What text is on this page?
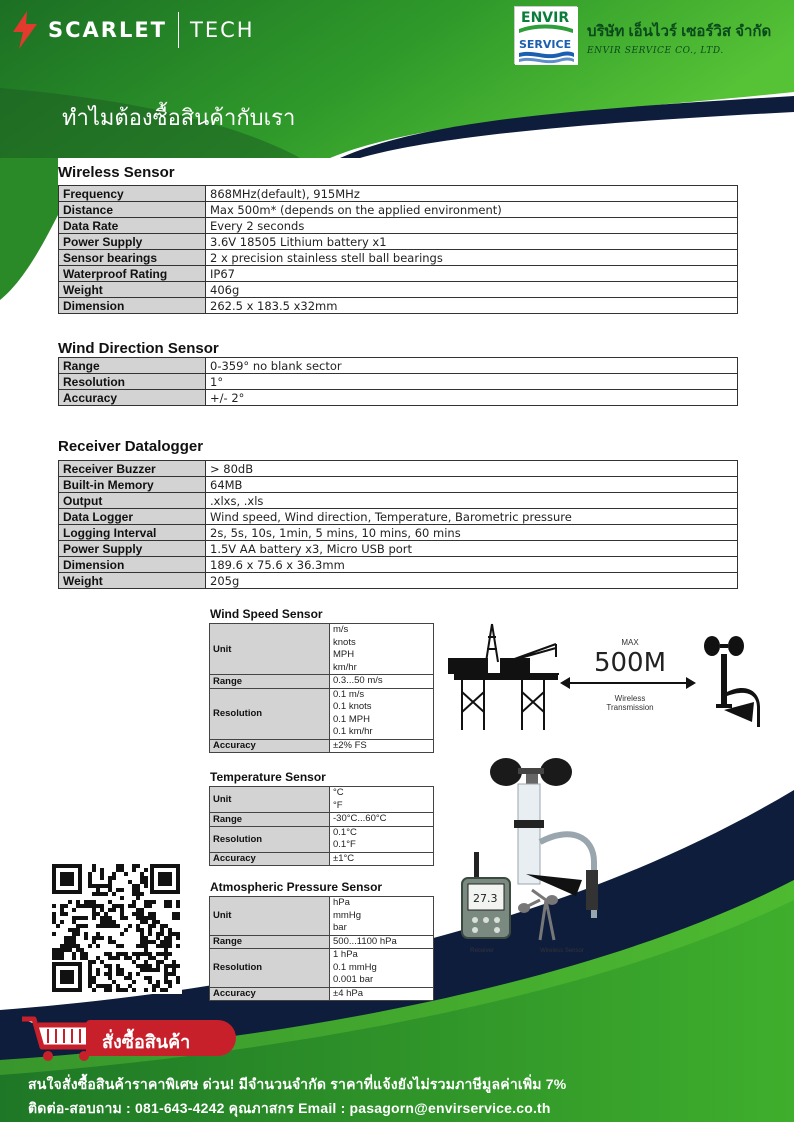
SCARLET TECH	ENVIR
SERVICE
บริษัท เอ็นไวร์ เซอร์วิส จำกัด
ENVIR SERVICE CO., LTD.
ทำไมต้องซื้อสินค้ากับเรา
Wireless Sensor
Frequency	868MHz(default), 915MHz
Distance	Max 500m* (depends on the applied environment)
Data Rate	Every 2 seconds
Power Supply	3.6V 18505 Lithium battery x1
Sensor bearings	2 x precision stainless stell ball bearings
Waterproof Rating	IP67
Weight	406g
Dimension	262.5 x 183.5 x32mm
Wind Direction Sensor
Range	0-359° no blank sector
Resolution	1°
Accuracy	+/- 2°
Receiver Datalogger
Receiver Buzzer	> 80dB
Built-in Memory	64MB
Output	.xlxs, .xls
Data Logger	Wind speed, Wind direction, Temperature, Barometric pressure
Logging Interval	2s, 5s, 10s, 1min, 5 mins, 10 mins, 60 mins
Power Supply	1.5V AA battery x3, Micro USB port
Dimension	189.6 x 75.6 x 36.3mm
Weight	205g
Wind Speed Sensor
Unit	m/s
knots
MPH
km/hr

Range	0.3...50 m/s
Resolution	0.1 m/s
0.1 knots
0.1 MPH
0.1 km/hr

Accuracy	±2% FS
Temperature Sensor
Unit	°C
°F

Range	-30°C...60°C
Resolution	0.1°C
0.1°F

Accuracy	±1°C
Atmospheric Pressure Sensor
Unit	hPa
mmHg
bar

Range	500...1100 hPa
Resolution	1 hPa
0.1 mmHg
0.001 bar

Accuracy	±4 hPa
MAX
500M
Wireless
Transmission
27.3
Receiver	Wireless Sensor
สั่งซื้อสินค้า
สนใจสั่งซื้อสินค้าราคาพิเศษ ด่วน! มีจำนวนจำกัด ราคาที่แจ้งยังไม่รวมภาษีมูลค่าเพิ่ม 7%
ติดต่อ-สอบถาม : 081-643-4242 คุณภาสกร Email : pasagorn@envirservice.co.th
